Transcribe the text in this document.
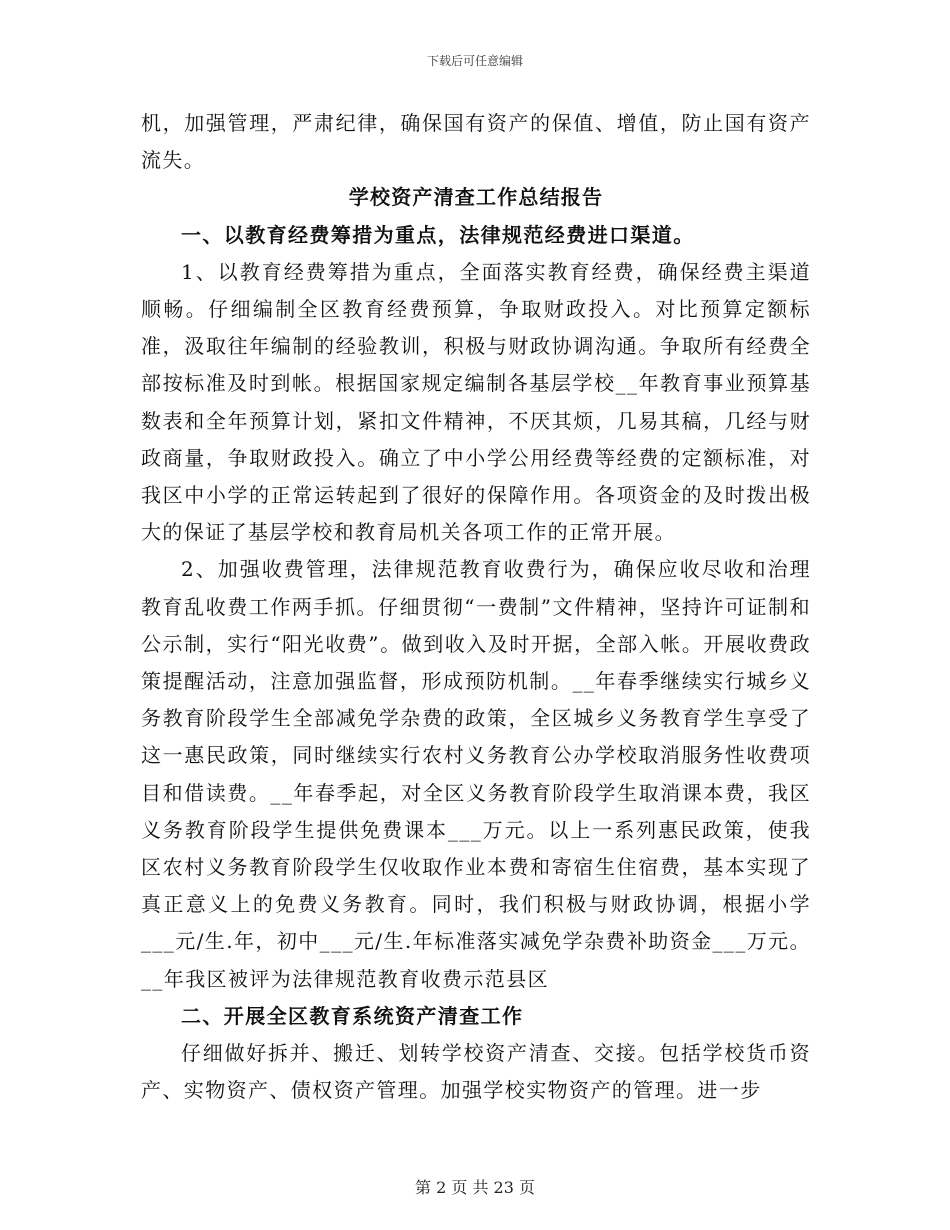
下载后可任意编辑

机，加强管理，严肃纪律，确保国有资产的保值、增值，防止国有资产流失。

学校资产清查工作总结报告

一、以教育经费筹措为重点，法律规范经费进口渠道。

1、以教育经费筹措为重点，全面落实教育经费，确保经费主渠道顺畅。仔细编制全区教育经费预算，争取财政投入。对比预算定额标准，汲取往年编制的经验教训，积极与财政协调沟通。争取所有经费全部按标准及时到帐。根据国家规定编制各基层学校__年教育事业预算基数表和全年预算计划，紧扣文件精神，不厌其烦，几易其稿，几经与财政商量，争取财政投入。确立了中小学公用经费等经费的定额标准，对我区中小学的正常运转起到了很好的保障作用。各项资金的及时拨出极大的保证了基层学校和教育局机关各项工作的正常开展。

2、加强收费管理，法律规范教育收费行为，确保应收尽收和治理教育乱收费工作两手抓。仔细贯彻“一费制”文件精神，坚持许可证制和公示制，实行“阳光收费”。做到收入及时开据，全部入帐。开展收费政策提醒活动，注意加强监督，形成预防机制。__年春季继续实行城乡义务教育阶段学生全部减免学杂费的政策，全区城乡义务教育学生享受了这一惠民政策，同时继续实行农村义务教育公办学校取消服务性收费项目和借读费。__年春季起，对全区义务教育阶段学生取消课本费，我区义务教育阶段学生提供免费课本___万元。以上一系列惠民政策，使我区农村义务教育阶段学生仅收取作业本费和寄宿生住宿费，基本实现了真正意义上的免费义务教育。同时，我们积极与财政协调，根据小学___元/生.年，初中___元/生.年标准落实减免学杂费补助资金___万元。__年我区被评为法律规范教育收费示范县区

二、开展全区教育系统资产清查工作

仔细做好拆并、搬迁、划转学校资产清查、交接。包括学校货币资产、实物资产、债权资产管理。加强学校实物资产的管理。进一步

第 2 页 共 23 页
